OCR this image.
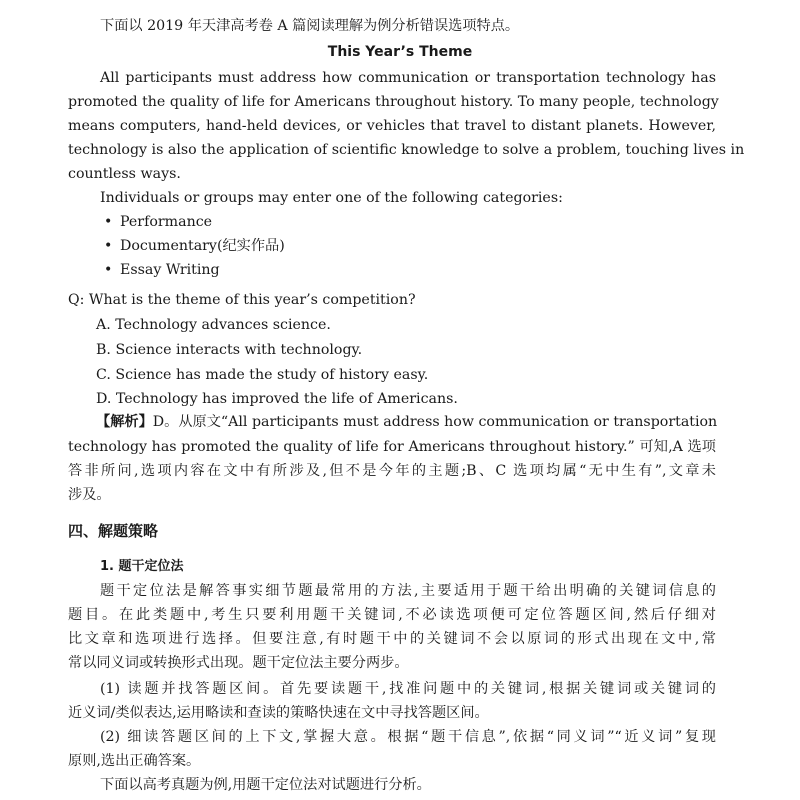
下面以 2019 年天津高考卷 A 篇阅读理解为例分析错误选项特点。
This Year’s Theme
All participants must address how communication or transportation technology has
promoted the quality of life for Americans throughout history. To many people, technology
means computers, hand-held devices, or vehicles that travel to distant planets. However,
technology is also the application of scientific knowledge to solve a problem, touching lives in
countless ways.
Individuals or groups may enter one of the following categories:
• Performance
• Documentary(纪实作品)
• Essay Writing
Q: What is the theme of this year’s competition?
A. Technology advances science.
B. Science interacts with technology.
C. Science has made the study of history easy.
D. Technology has improved the life of Americans.
【解析】D。从原文“All participants must address how communication or transportation
technology has promoted the quality of life for Americans throughout history.” 可知,A 选项
答非所问,选项内容在文中有所涉及,但不是今年的主题;B、C 选项均属“无中生有”,文章未
涉及。
四、解题策略
1. 题干定位法
题干定位法是解答事实细节题最常用的方法,主要适用于题干给出明确的关键词信息的
题目。在此类题中,考生只要利用题干关键词,不必读选项便可定位答题区间,然后仔细对
比文章和选项进行选择。但要注意,有时题干中的关键词不会以原词的形式出现在文中,常
常以同义词或转换形式出现。题干定位法主要分两步。
(1) 读题并找答题区间。首先要读题干,找准问题中的关键词,根据关键词或关键词的
近义词/类似表达,运用略读和查读的策略快速在文中寻找答题区间。
(2) 细读答题区间的上下文,掌握大意。根据“题干信息”,依据“同义词”“近义词”复现
原则,选出正确答案。
下面以高考真题为例,用题干定位法对试题进行分析。
